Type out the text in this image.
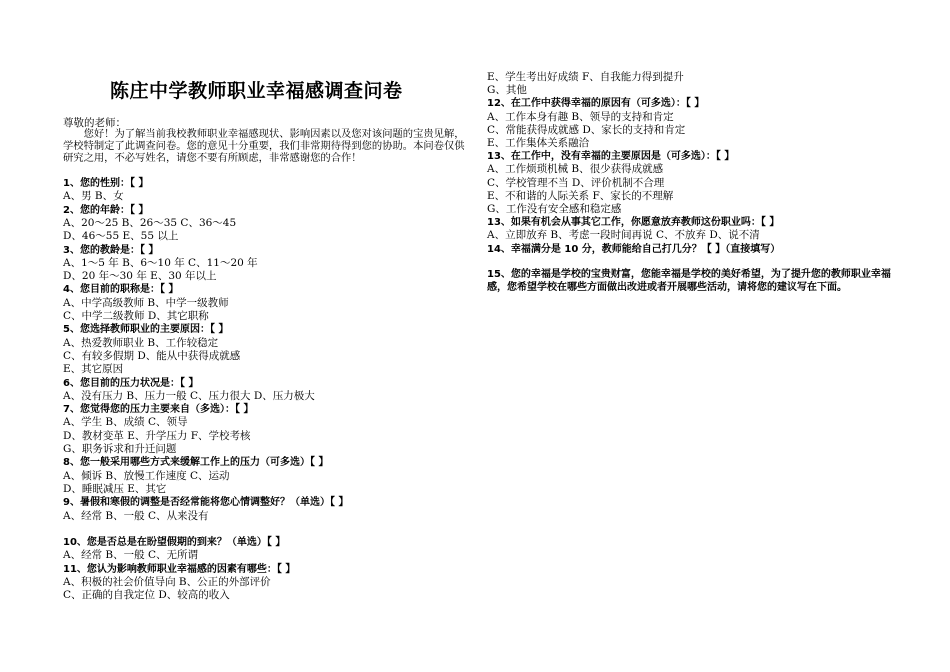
陈庄中学教师职业幸福感调查问卷
尊敬的老师：
您好！为了解当前我校教师职业幸福感现状、影响因素以及您对该问题的宝贵见解，学校特制定了此调查问卷。您的意见十分重要，我们非常期待得到您的协助。本问卷仅供研究之用，不必写姓名，请您不要有所顾虑，非常感谢您的合作！
1、您的性别：【 】
A、男 B、女
2、您的年龄：【 】
A、20～25 B、26～35 C、36～45
D、46～55 E、55 以上
3、您的教龄是：【 】
A、1～5 年 B、6～10 年 C、11～20 年
D、20 年～30 年 E、30 年以上
4、您目前的职称是：【 】
A、中学高级教师 B、中学一级教师
C、中学二级教师 D、其它职称
5、您选择教师职业的主要原因：【 】
A、热爱教师职业 B、工作较稳定
C、有较多假期 D、能从中获得成就感
E、其它原因
6、您目前的压力状况是：【 】
A、没有压力 B、压力一般 C、压力很大 D、压力极大
7、您觉得您的压力主要来自（多选）：【 】
A、学生 B、成绩 C、领导
D、教材变革 E、升学压力 F、学校考核
G、职务诉求和升迁问题
8、您一般采用哪些方式来缓解工作上的压力（可多选）【 】
A、倾诉 B、放慢工作速度 C、运动
D、睡眠减压 E、其它
9、暑假和寒假的调整是否经常能将您心情调整好？（单选）【 】
A、经常 B、一般 C、从来没有
10、您是否总是在盼望假期的到来？（单选）【 】
A、经常 B、一般 C、无所谓
11、您认为影响教师职业幸福感的因素有哪些：【 】
A、积极的社会价值导向 B、公正的外部评价
C、正确的自我定位 D、较高的收入
15、您的幸福是学校的宝贵财富，您能幸福是学校的美好希望，为了提升您的教师职业幸福感，您希望学校在哪些方面做出改进或者开展哪些活动，请将您的建议写在下面。
E、学生考出好成绩 F、自我能力得到提升
G、其他
12、在工作中获得幸福的原因有（可多选）：【 】
A、工作本身有趣 B、领导的支持和肯定
C、常能获得成就感 D、家长的支持和肯定
E、工作集体关系融洽
13、在工作中，没有幸福的主要原因是（可多选）：【 】
A、工作烦琐机械 B、很少获得成就感
C、学校管理不当 D、评价机制不合理
E、不和谐的人际关系 F、家长的不理解
G、工作没有安全感和稳定感
13、如果有机会从事其它工作，你愿意放弃教师这份职业吗：【 】
A、立即放弃 B、考虑一段时间再说 C、不放弃 D、说不清
14、幸福满分是 10 分，教师能给自己打几分？【 】（直接填写）
